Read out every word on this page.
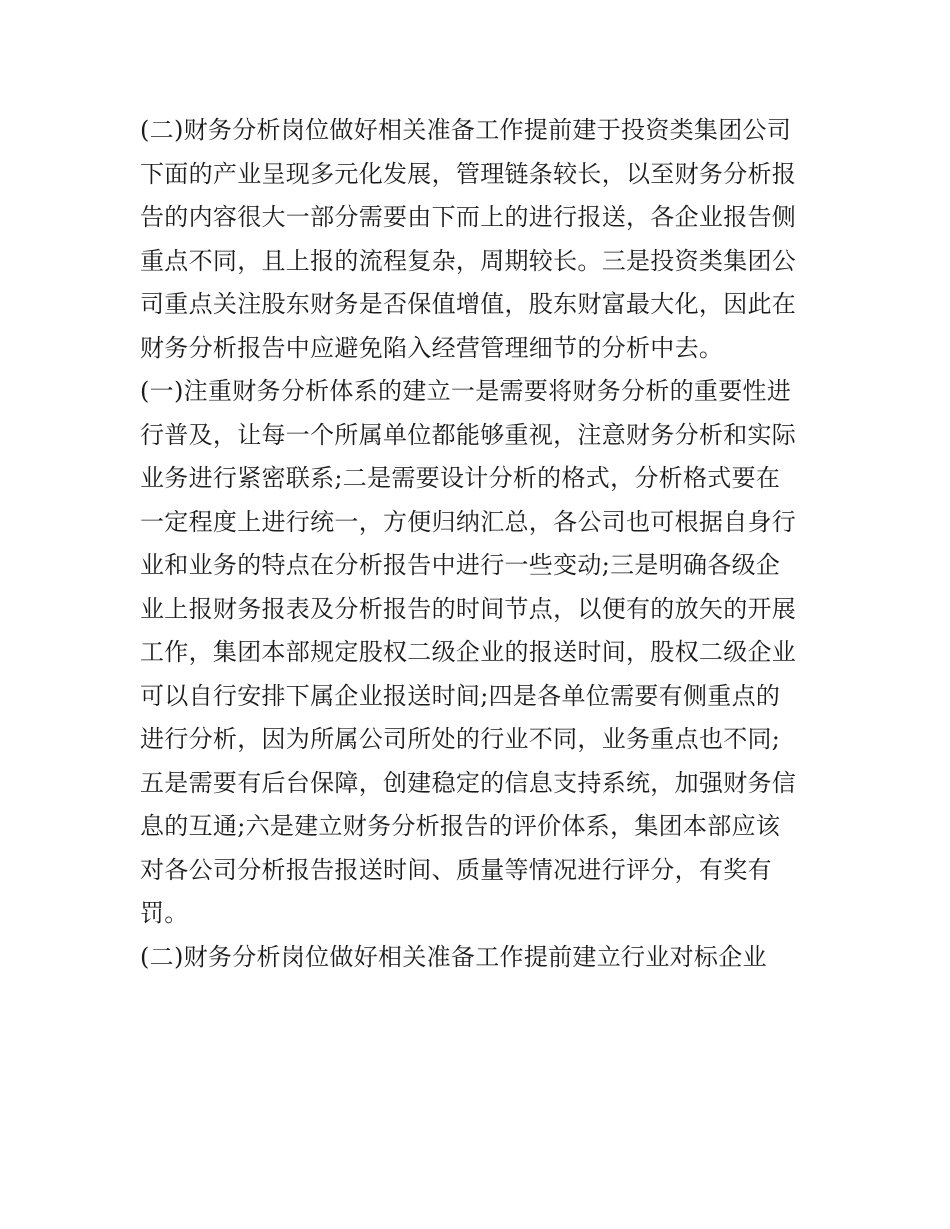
(二)财务分析岗位做好相关准备工作提前建于投资类集团公司
下面的产业呈现多元化发展，管理链条较长，以至财务分析报
告的内容很大一部分需要由下而上的进行报送，各企业报告侧
重点不同，且上报的流程复杂，周期较长。三是投资类集团公
司重点关注股东财务是否保值增值，股东财富最大化，因此在
财务分析报告中应避免陷入经营管理细节的分析中去。
(一)注重财务分析体系的建立一是需要将财务分析的重要性进
行普及，让每一个所属单位都能够重视，注意财务分析和实际
业务进行紧密联系;二是需要设计分析的格式，分析格式要在
一定程度上进行统一，方便归纳汇总，各公司也可根据自身行
业和业务的特点在分析报告中进行一些变动;三是明确各级企
业上报财务报表及分析报告的时间节点，以便有的放矢的开展
工作，集团本部规定股权二级企业的报送时间，股权二级企业
可以自行安排下属企业报送时间;四是各单位需要有侧重点的
进行分析，因为所属公司所处的行业不同，业务重点也不同;
五是需要有后台保障，创建稳定的信息支持系统，加强财务信
息的互通;六是建立财务分析报告的评价体系，集团本部应该
对各公司分析报告报送时间、质量等情况进行评分，有奖有
罚。
(二)财务分析岗位做好相关准备工作提前建立行业对标企业
